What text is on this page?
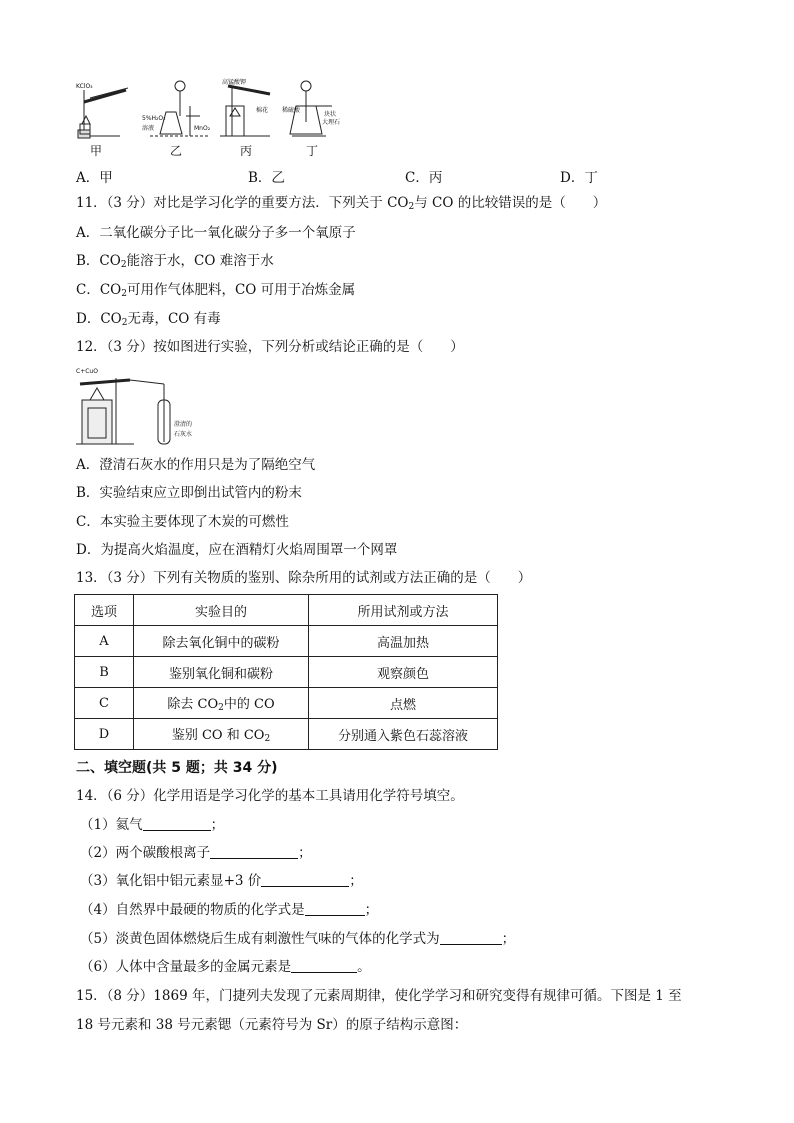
KClO₃
5%H₂O₂
溶液	MnO₂
高锰酸钾
棉花 稀硫酸
块状
大理石
甲	乙	丙	丁
A．甲	B．乙	C．丙	D．丁
11．（3 分）对比是学习化学的重要方法．下列关于 $CO_2$与 CO 的比较错误的是（　　）
A．二氧化碳分子比一氧化碳分子多一个氧原子
B．$CO_2$能溶于水，CO 难溶于水
C．$CO_2$可用作气体肥料，CO 可用于冶炼金属
D．$CO_2$无毒，CO 有毒
12．（3 分）按如图进行实验，下列分析或结论正确的是（　　）
C+CuO
澄清的
石灰水
A．澄清石灰水的作用只是为了隔绝空气
B．实验结束应立即倒出试管内的粉末
C．本实验主要体现了木炭的可燃性
D．为提高火焰温度，应在酒精灯火焰周围罩一个网罩
13．（3 分）下列有关物质的鉴别、除杂所用的试剂或方法正确的是（　　）
选项	实验目的	所用试剂或方法
A	除去氧化铜中的碳粉	高温加热
B	鉴别氧化铜和碳粉	观察颜色
C	除去 $CO_2$中的 CO	点燃
D	鉴别 CO 和 $CO_2$	分别通入紫色石蕊溶液
二、填空题(共 5 题；共 34 分)
14．（6 分）化学用语是学习化学的基本工具请用化学符号填空。
（1）氦气	；
（2）两个碳酸根离子	；
（3）氧化铝中铝元素显+3 价	；
（4）自然界中最硬的物质的化学式是	；
（5）淡黄色固体燃烧后生成有刺激性气味的气体的化学式为	；
（6）人体中含量最多的金属元素是	。
15．（8 分）1869 年，门捷列夫发现了元素周期律，使化学学习和研究变得有规律可循。下图是 1 至
18 号元素和 38 号元素锶（元素符号为 Sr）的原子结构示意图：
